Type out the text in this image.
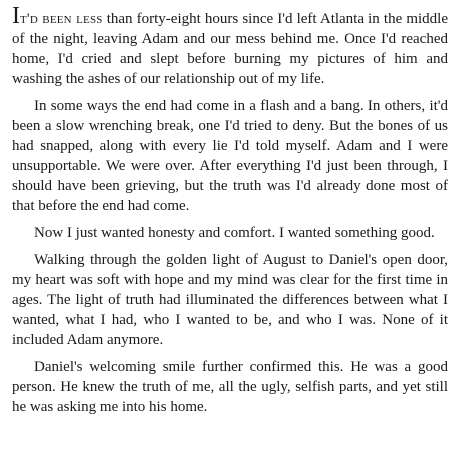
It'd been less than forty-eight hours since I'd left Atlanta in the middle of the night, leaving Adam and our mess behind me. Once I'd reached home, I'd cried and slept before burning my pictures of him and washing the ashes of our relationship out of my life.

In some ways the end had come in a flash and a bang. In others, it'd been a slow wrenching break, one I'd tried to deny. But the bones of us had snapped, along with every lie I'd told myself. Adam and I were unsupportable. We were over. After everything I'd just been through, I should have been grieving, but the truth was I'd already done most of that before the end had come.

Now I just wanted honesty and comfort. I wanted something good.

Walking through the golden light of August to Daniel's open door, my heart was soft with hope and my mind was clear for the first time in ages. The light of truth had illuminated the differences between what I wanted, what I had, who I wanted to be, and who I was. None of it included Adam anymore.

Daniel's welcoming smile further confirmed this. He was a good person. He knew the truth of me, all the ugly, selfish parts, and yet still he was asking me into his home.
